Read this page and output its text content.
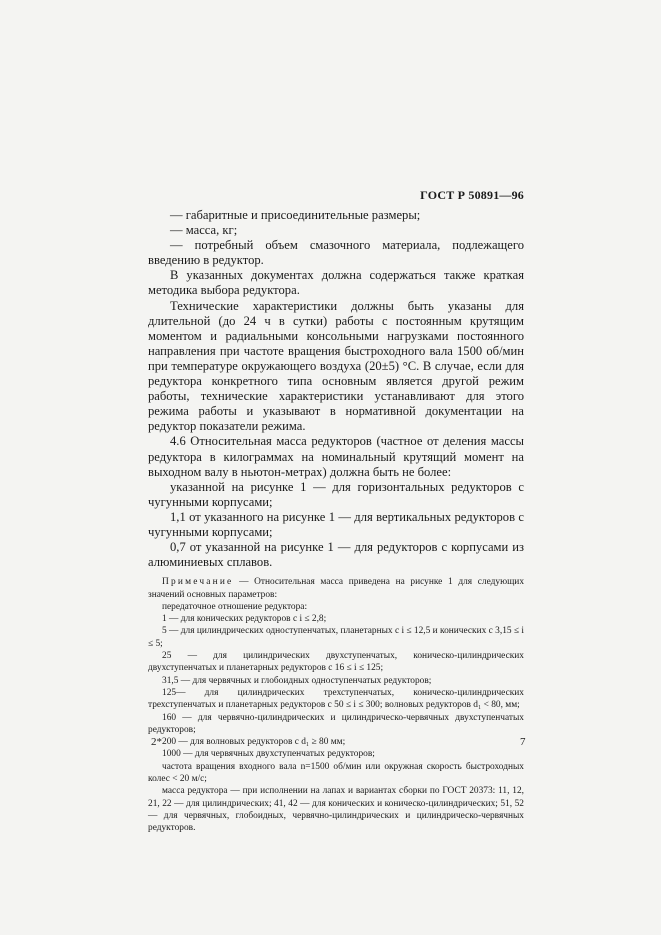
ГОСТ Р 50891—96

— габаритные и присоединительные размеры;

— масса, кг;

— потребный объем смазочного материала, подлежащего введению в редуктор.

В указанных документах должна содержаться также краткая методика выбора редуктора.

Технические характеристики должны быть указаны для длительной (до 24 ч в сутки) работы с постоянным крутящим моментом и радиальными консольными нагрузками постоянного направления при частоте вращения быстроходного вала 1500 об/мин при температуре окружающего воздуха (20±5) °С. В случае, если для редуктора конкретного типа основным является другой режим работы, технические характеристики устанавливают для этого режима работы и указывают в нормативной документации на редуктор показатели режима.

4.6 Относительная масса редукторов (частное от деления массы редуктора в килограммах на номинальный крутящий момент на выходном валу в ньютон-метрах) должна быть не более:

указанной на рисунке 1 — для горизонтальных редукторов с чугунными корпусами;

1,1 от указанного на рисунке 1 — для вертикальных редукторов с чугунными корпусами;

0,7 от указанной на рисунке 1 — для редукторов с корпусами из алюминиевых сплавов.

Примечание — Относительная масса приведена на рисунке 1 для следующих значений основных параметров:

передаточное отношение редуктора:

1 — для конических редукторов с i ≤ 2,8;

5 — для цилиндрических одноступенчатых, планетарных с i ≤ 12,5 и конических с 3,15 ≤ i ≤ 5;

25 — для цилиндрических двухступенчатых, коническо-цилиндрических двухступенчатых и планетарных редукторов с 16 ≤ i ≤ 125;

31,5 — для червячных и глобоидных одноступенчатых редукторов;

125— для цилиндрических трехступенчатых, коническо-цилиндрических трехступенчатых и планетарных редукторов с 50 ≤ i ≤ 300; волновых редукторов d₁ < 80, мм;

160 — для червячно-цилиндрических и цилиндрическо-червячных двухступенчатых редукторов;

200 — для волновых редукторов с d₁ ≥ 80 мм;

1000 — для червячных двухступенчатых редукторов;

частота вращения входного вала n=1500 об/мин или окружная скорость быстроходных колес < 20 м/с;

масса редуктора — при исполнении на лапах и вариантах сборки по ГОСТ 20373: 11, 12, 21, 22 — для цилиндрических; 41, 42 — для конических и коническо-цилиндрических; 51, 52 — для червячных, глобоидных, червячно-цилиндрических и цилиндрическо-червячных редукторов.

2*	7
